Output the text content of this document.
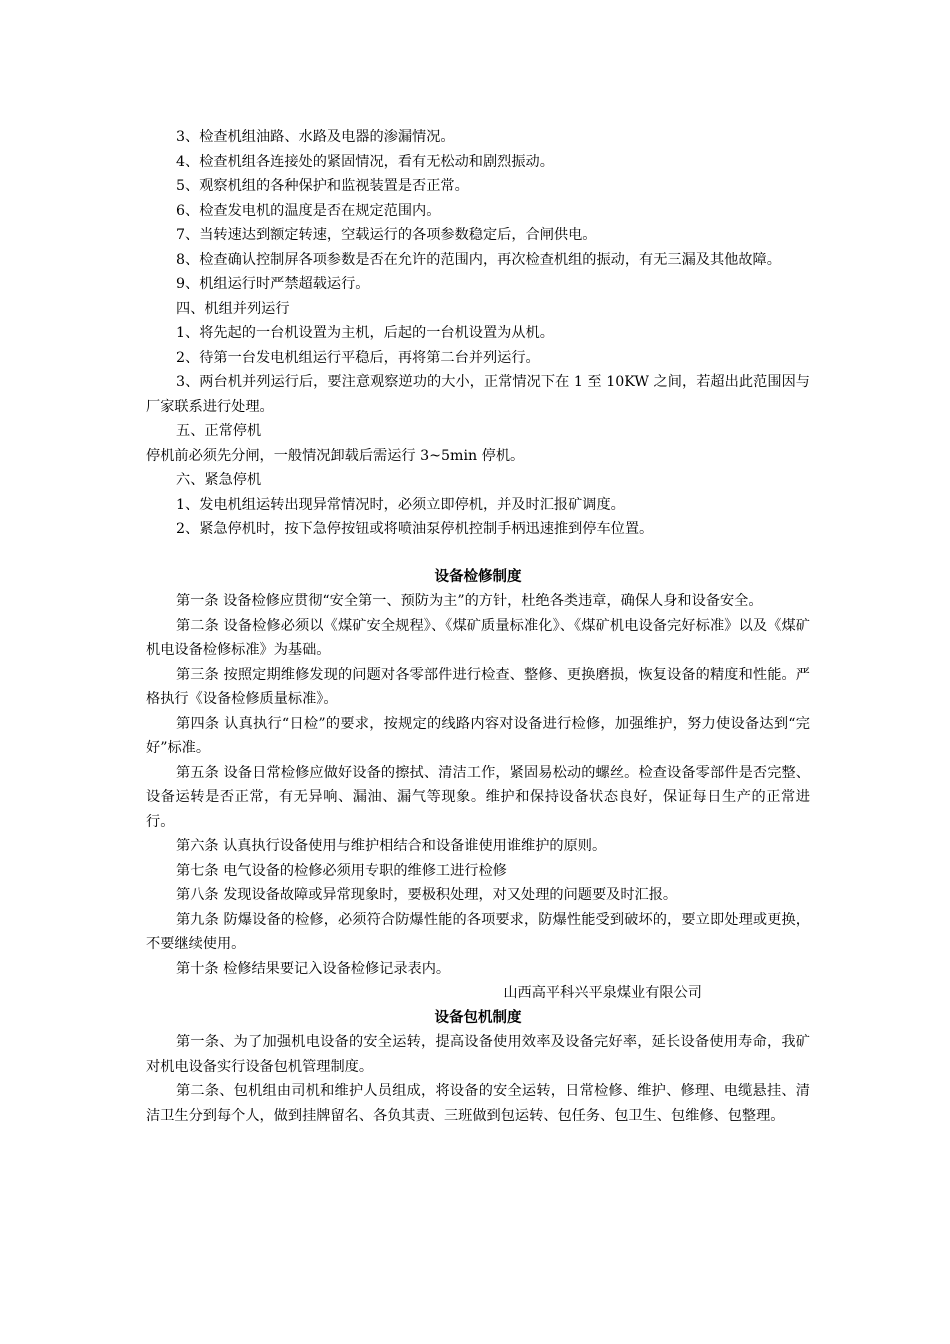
3、检查机组油路、水路及电器的渗漏情况。

4、检查机组各连接处的紧固情况，看有无松动和剧烈振动。

5、观察机组的各种保护和监视装置是否正常。

6、检查发电机的温度是否在规定范围内。

7、当转速达到额定转速，空载运行的各项参数稳定后，合闸供电。

8、检查确认控制屏各项参数是否在允许的范围内，再次检查机组的振动，有无三漏及其他故障。

9、机组运行时严禁超载运行。

四、机组并列运行

1、将先起的一台机设置为主机，后起的一台机设置为从机。

2、待第一台发电机组运行平稳后，再将第二台并列运行。

3、两台机并列运行后，要注意观察逆功的大小，正常情况下在 1 至 10KW 之间，若超出此范围因与厂家联系进行处理。

五、正常停机

停机前必须先分闸，一般情况卸载后需运行 3~5min 停机。

六、紧急停机

1、发电机组运转出现异常情况时，必须立即停机，并及时汇报矿调度。

2、紧急停机时，按下急停按钮或将喷油泵停机控制手柄迅速推到停车位置。

设备检修制度

第一条 设备检修应贯彻“安全第一、预防为主”的方针，杜绝各类违章，确保人身和设备安全。

第二条 设备检修必须以《煤矿安全规程》、《煤矿质量标准化》、《煤矿机电设备完好标准》以及《煤矿机电设备检修标准》为基础。

第三条 按照定期维修发现的问题对各零部件进行检查、整修、更换磨损，恢复设备的精度和性能。严格执行《设备检修质量标准》。

第四条 认真执行“日检”的要求，按规定的线路内容对设备进行检修，加强维护，努力使设备达到“完好”标准。

第五条 设备日常检修应做好设备的擦拭、清洁工作，紧固易松动的螺丝。检查设备零部件是否完整、设备运转是否正常，有无异响、漏油、漏气等现象。维护和保持设备状态良好，保证每日生产的正常进行。

第六条 认真执行设备使用与维护相结合和设备谁使用谁维护的原则。

第七条 电气设备的检修必须用专职的维修工进行检修

第八条 发现设备故障或异常现象时，要极积处理，对又处理的问题要及时汇报。

第九条 防爆设备的检修，必须符合防爆性能的各项要求，防爆性能受到破坏的，要立即处理或更换，不要继续使用。

第十条 检修结果要记入设备检修记录表内。

山西高平科兴平泉煤业有限公司

设备包机制度

第一条、为了加强机电设备的安全运转，提高设备使用效率及设备完好率，延长设备使用寿命，我矿对机电设备实行设备包机管理制度。

第二条、包机组由司机和维护人员组成，将设备的安全运转，日常检修、维护、修理、电缆悬挂、清洁卫生分到每个人，做到挂牌留名、各负其责、三班做到包运转、包任务、包卫生、包维修、包整理。
